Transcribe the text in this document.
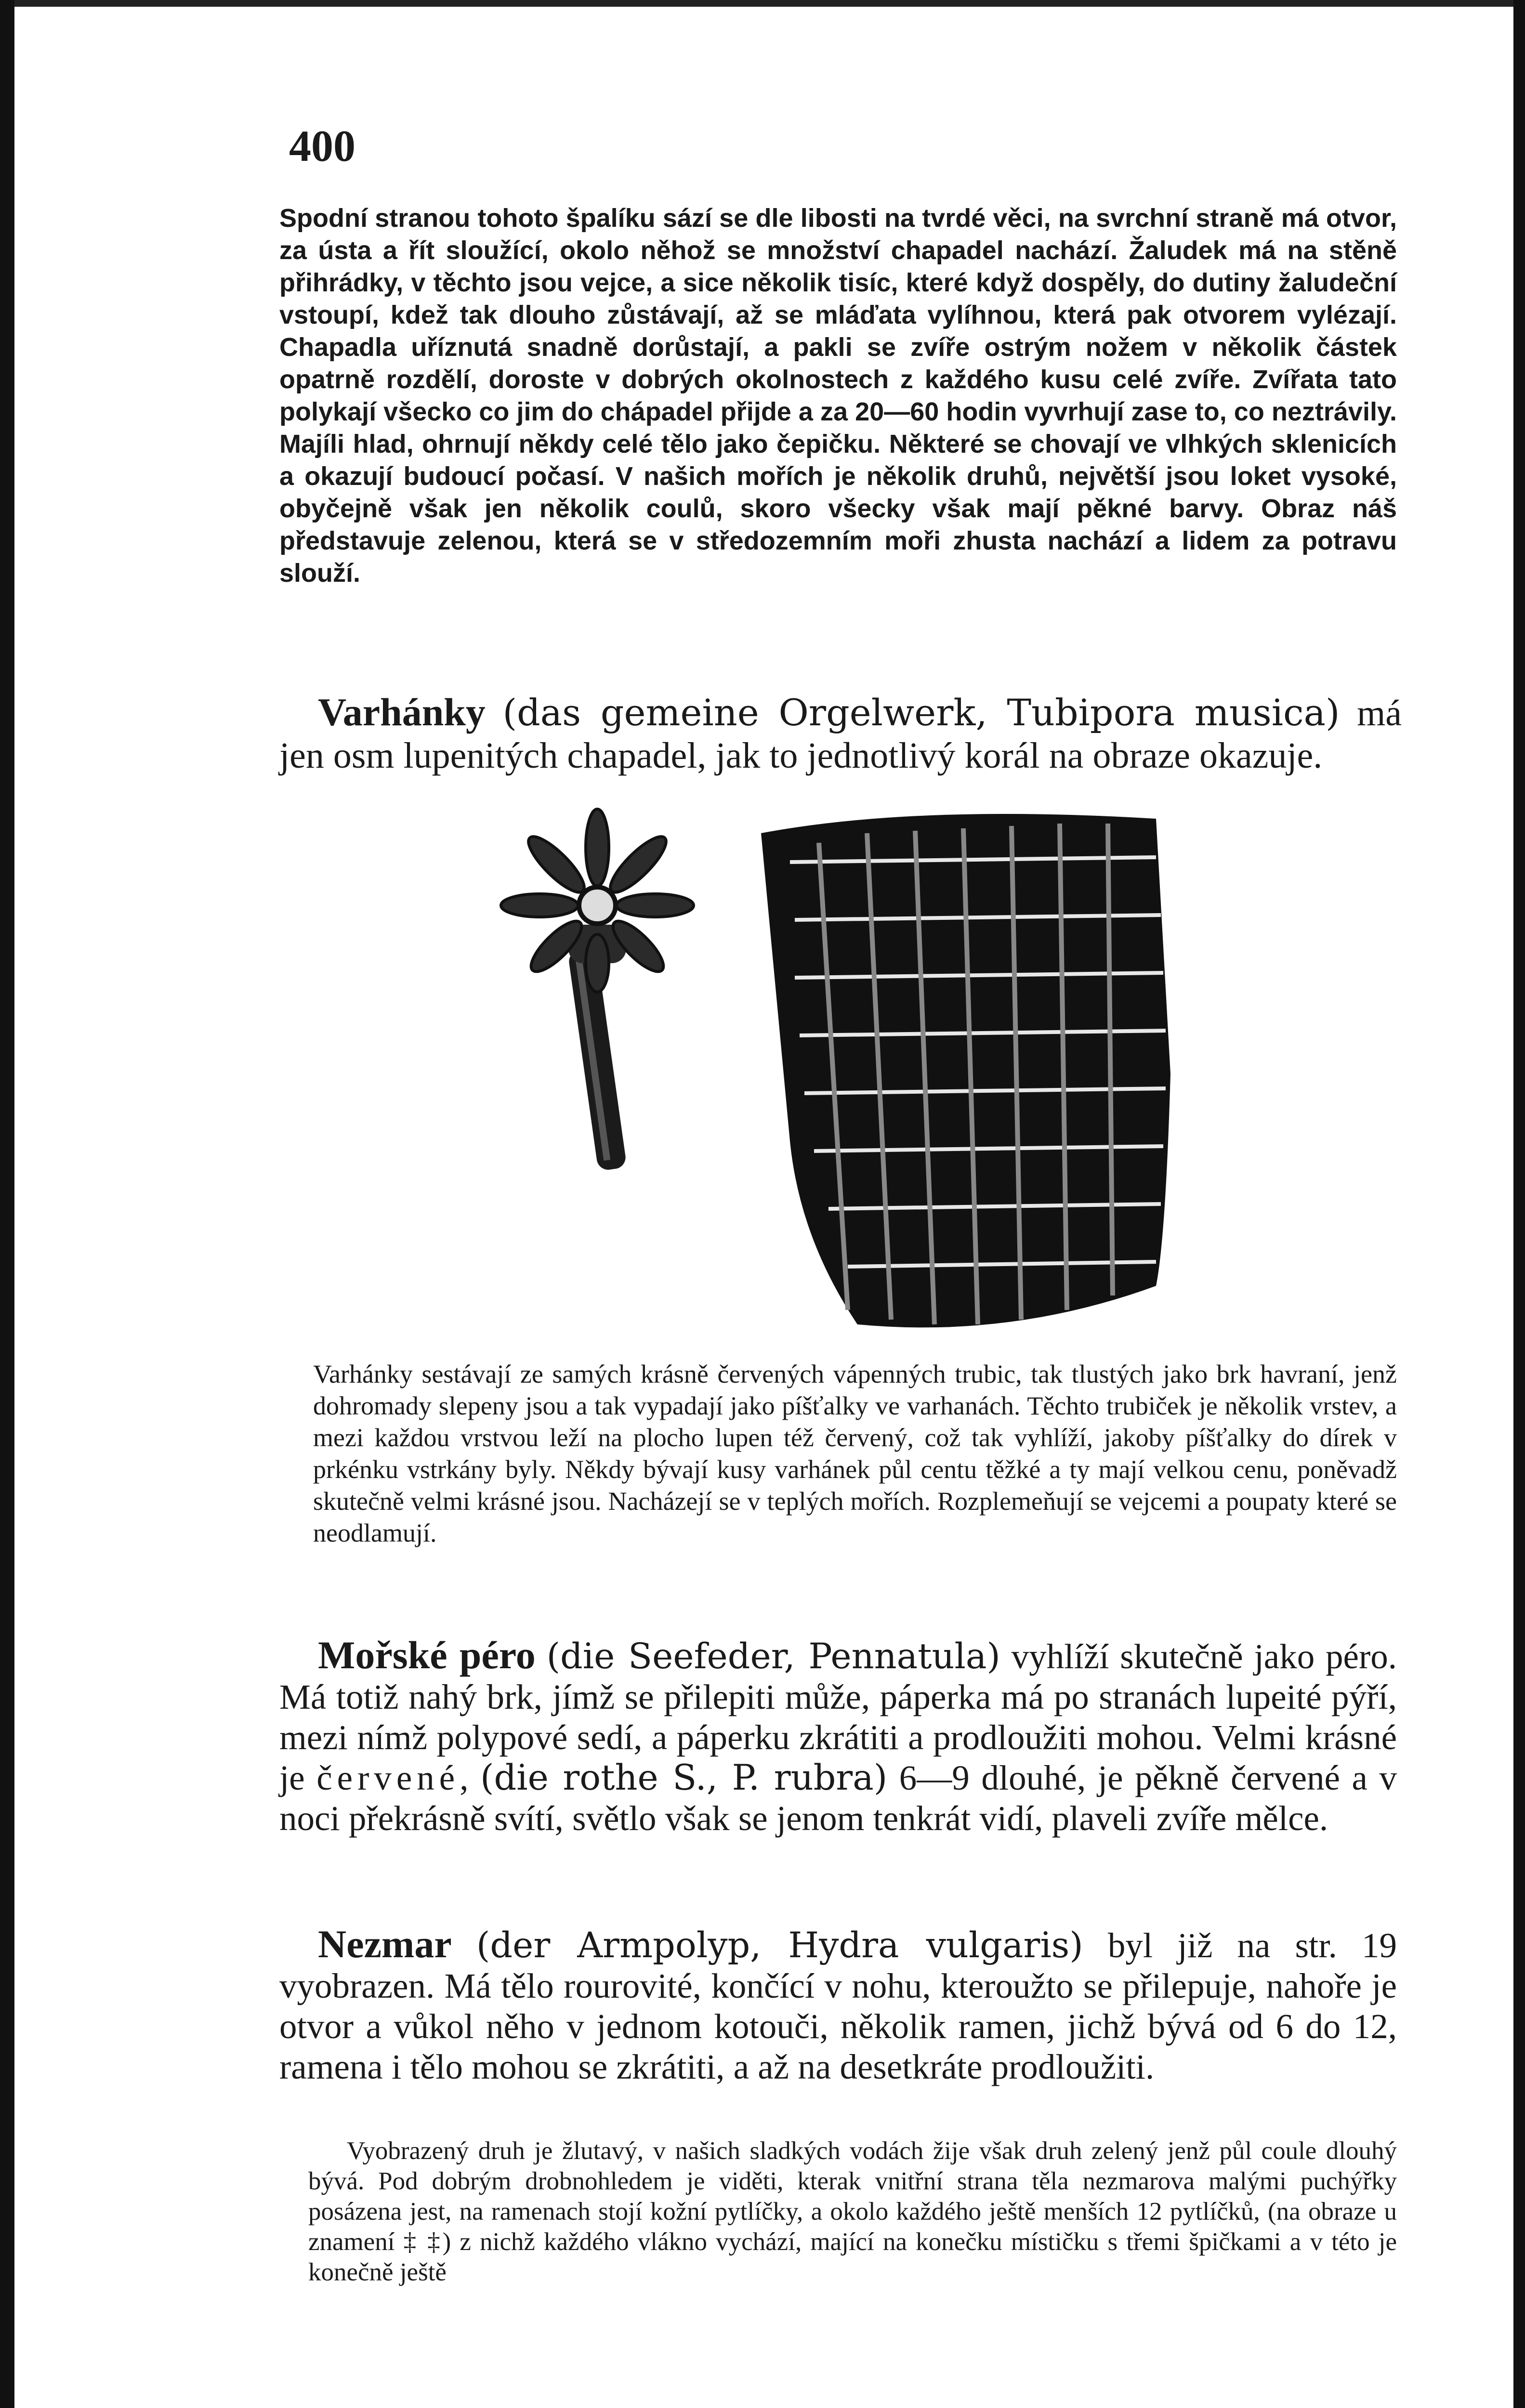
400

Spodní stranou tohoto špalíku sází se dle libosti na tvrdé věci, na svrchní straně má otvor, za ústa a řít sloužící, okolo něhož se množství chapadel nachází. Žaludek má na stěně přihrádky, v těchto jsou vejce, a sice několik tisíc, které když dospěly, do dutiny žaludeční vstoupí, kdež tak dlouho zůstávají, až se mláďata vylíhnou, která pak otvorem vylézají. Chapadla uříznutá snadně dorůstají, a pakli se zvíře ostrým nožem v několik částek opatrně rozdělí, doroste v dobrých okolnostech z každého kusu celé zvíře. Zvířata tato polykají všecko co jim do chápadel přijde a za 20—60 hodin vyvrhují zase to, co neztrávily. Majíli hlad, ohrnují někdy celé tělo jako čepičku. Některé se chovají ve vlhkých sklenicích a okazují budoucí počasí. V našich mořích je několik druhů, největší jsou loket vysoké, obyčejně však jen několik coulů, skoro všecky však mají pěkné barvy. Obraz náš představuje zelenou, která se v středozemním moři zhusta nachází a lidem za potravu slouží.

Varhánky (das gemeine Orgelwerk, Tubipora musica) má jen osm lupenitých chapadel, jak to jednotlivý korál na obraze okazuje.

Varhánky sestávají ze samých krásně červených vápenných trubic, tak tlustých jako brk havraní, jenž dohromady slepeny jsou a tak vypadají jako píšťalky ve varhanách. Těchto trubiček je několik vrstev, a mezi každou vrstvou leží na plocho lupen též červený, což tak vyhlíží, jakoby píšťalky do dírek v prkénku vstrkány byly. Někdy bývají kusy varhánek půl centu těžké a ty mají velkou cenu, poněvadž skutečně velmi krásné jsou. Nacházejí se v teplých mořích. Rozplemeňují se vejcemi a poupaty které se neodlamují.

Mořské péro (die Seefeder, Pennatula) vyhlíží skutečně jako péro. Má totiž nahý brk, jímž se přilepiti může, páperka má po stranách lupeité pýří, mezi nímž polypové sedí, a páperku zkrátiti a prodloužiti mohou. Velmi krásné je červené, (die rothe S., P. rubra) 6—9 dlouhé, je pěkně červené a v noci překrásně svítí, světlo však se jenom tenkrát vidí, plaveli zvíře mělce.

Nezmar (der Armpolyp, Hydra vulgaris) byl již na str. 19 vyobrazen. Má tělo rourovité, končící v nohu, kteroužto se přilepuje, nahoře je otvor a vůkol něho v jednom kotouči, několik ramen, jichž bývá od 6 do 12, ramena i tělo mohou se zkrátiti, a až na desetkráte prodloužiti.

Vyobrazený druh je žlutavý, v našich sladkých vodách žije však druh zelený jenž půl coule dlouhý bývá. Pod dobrým drobnohledem je viděti, kterak vnitřní strana těla nezmarova malými puchýřky posázena jest, na ramenach stojí kožní pytlíčky, a okolo každého ještě menších 12 pytlíčků, (na obraze u znamení ‡ ‡) z nichž každého vlákno vychází, mající na konečku místičku s třemi špičkami a v této je konečně ještě
